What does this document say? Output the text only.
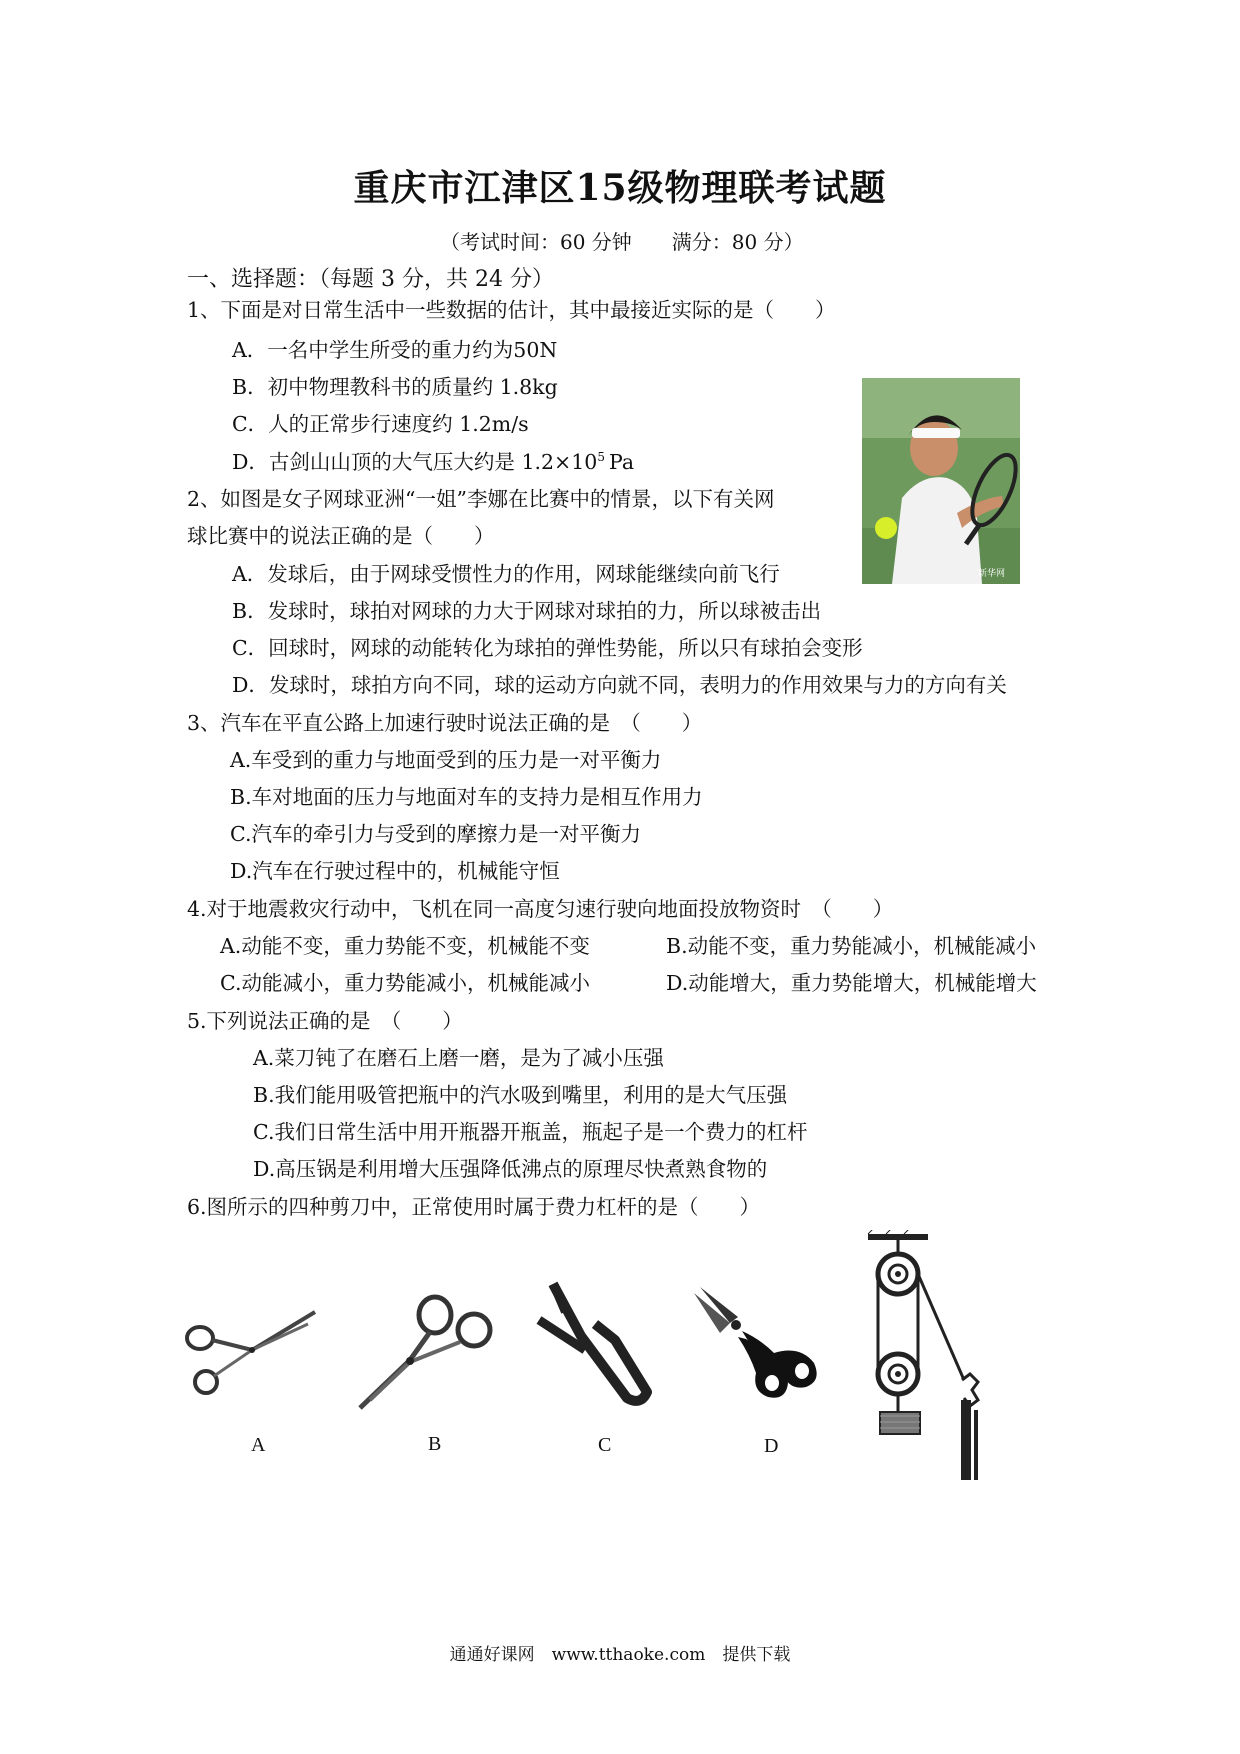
重庆市江津区15级物理联考试题
（考试时间：60 分钟　　满分：80 分）
一、选择题：（每题 3 分，共 24 分）
1、下面是对日常生活中一些数据的估计，其中最接近实际的是（　　）
A．一名中学生所受的重力约为50N
B．初中物理教科书的质量约 1.8kg
C．人的正常步行速度约 1.2m/s
D．古剑山山顶的大气压大约是 $1.2\times 10^5$ Pa
新华网
2、如图是女子网球亚洲“一姐”李娜在比赛中的情景，以下有关网
球比赛中的说法正确的是（　　）
A．发球后，由于网球受惯性力的作用，网球能继续向前飞行
B．发球时，球拍对网球的力大于网球对球拍的力，所以球被击出
C．回球时，网球的动能转化为球拍的弹性势能，所以只有球拍会变形
D．发球时，球拍方向不同，球的运动方向就不同，表明力的作用效果与力的方向有关
3、汽车在平直公路上加速行驶时说法正确的是　（　　）
A.车受到的重力与地面受到的压力是一对平衡力
B.车对地面的压力与地面对车的支持力是相互作用力
C.汽车的牵引力与受到的摩擦力是一对平衡力
D.汽车在行驶过程中的，机械能守恒
4.对于地震救灾行动中，飞机在同一高度匀速行驶向地面投放物资时　（　　）
A.动能不变，重力势能不变，机械能不变	B.动能不变，重力势能减小，机械能减小
C.动能减小，重力势能减小，机械能减小	D.动能增大，重力势能增大，机械能增大
5.下列说法正确的是　（　　）
A.菜刀钝了在磨石上磨一磨，是为了减小压强
B.我们能用吸管把瓶中的汽水吸到嘴里，利用的是大气压强
C.我们日常生活中用开瓶器开瓶盖，瓶起子是一个费力的杠杆
D.高压锅是利用增大压强降低沸点的原理尽快煮熟食物的
6.图所示的四种剪刀中，正常使用时属于费力杠杆的是（　　）
A	B	C	D
通通好课网　www.tthaoke.com　提供下载
